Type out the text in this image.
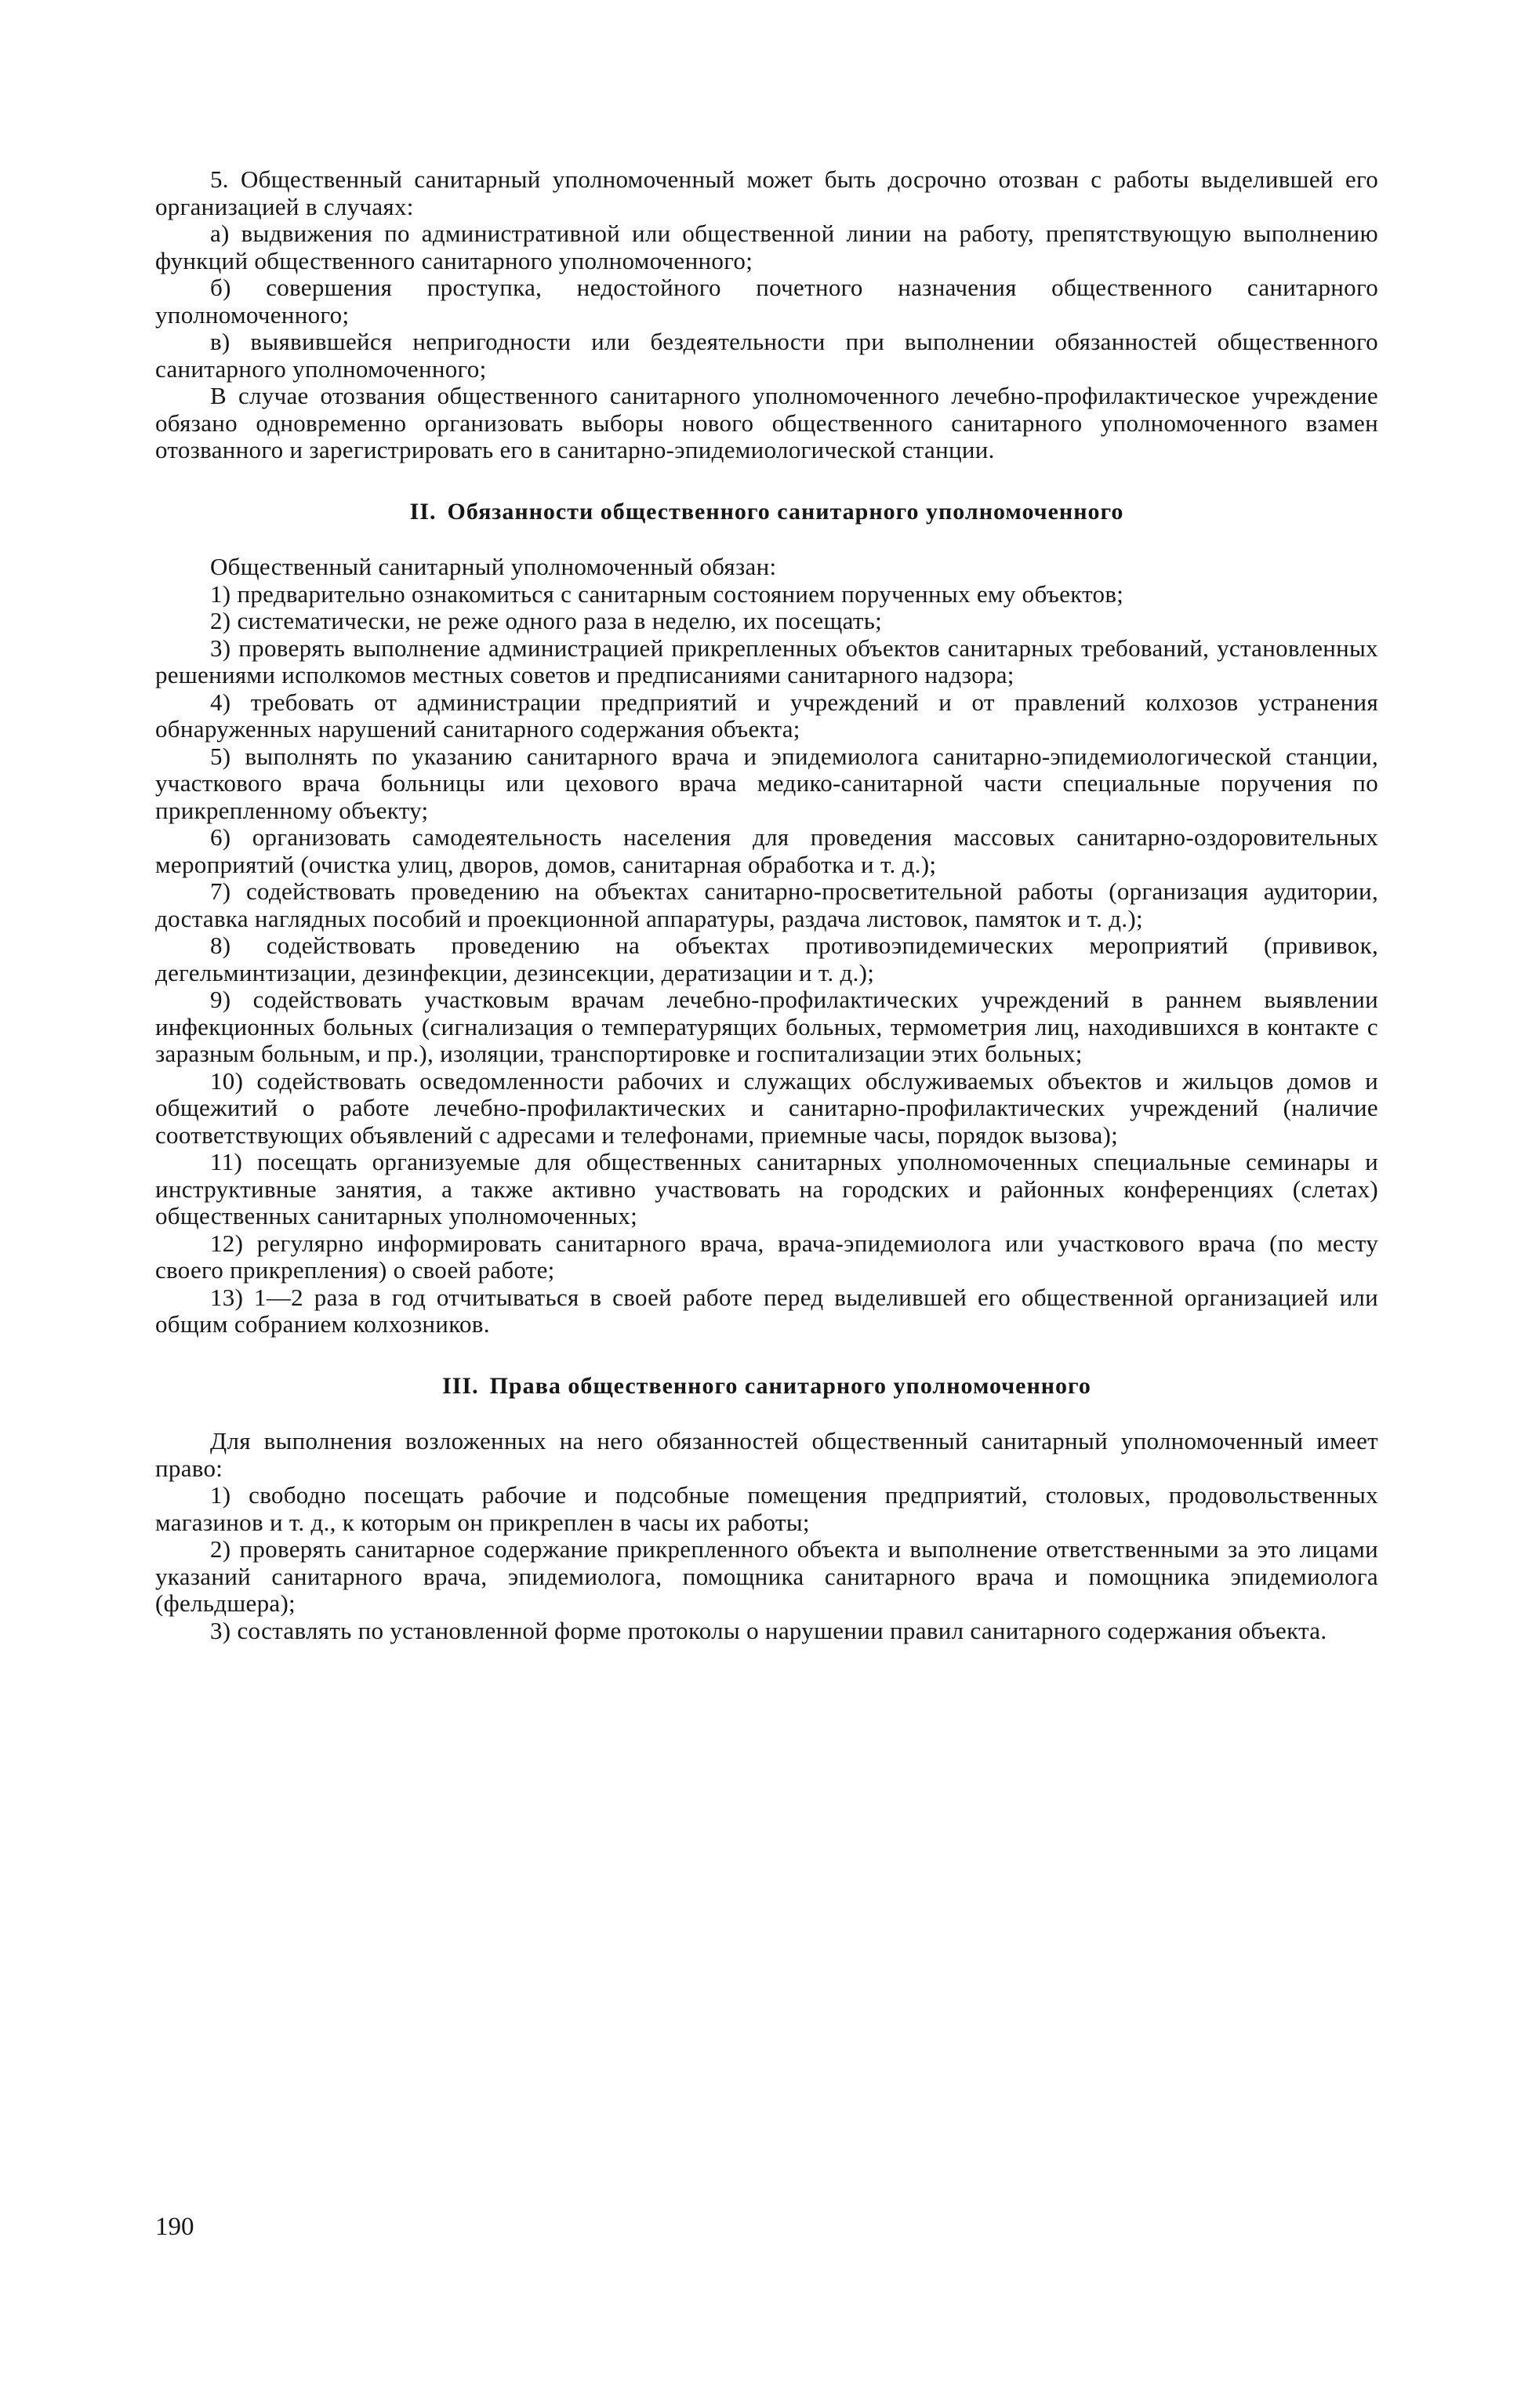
5. Общественный санитарный уполномоченный может быть досрочно отозван с работы выделившей его организацией в случаях:

а) выдвижения по административной или общественной линии на работу, препятствующую выполнению функций общественного санитарного уполномоченного;

б) совершения проступка, недостойного почетного назначения общественного санитарного уполномоченного;

в) выявившейся непригодности или бездеятельности при выполнении обязанностей общественного санитарного уполномоченного;

В случае отозвания общественного санитарного уполномоченного лечебно-профилактическое учреждение обязано одновременно организовать выборы нового общественного санитарного уполномоченного взамен отозванного и зарегистрировать его в санитарно-эпидемиологической станции.

II. Обязанности общественного санитарного уполномоченного

Общественный санитарный уполномоченный обязан:

1) предварительно ознакомиться с санитарным состоянием порученных ему объектов;

2) систематически, не реже одного раза в неделю, их посещать;

3) проверять выполнение администрацией прикрепленных объектов санитарных требований, установленных решениями исполкомов местных советов и предписаниями санитарного надзора;

4) требовать от администрации предприятий и учреждений и от правлений колхозов устранения обнаруженных нарушений санитарного содержания объекта;

5) выполнять по указанию санитарного врача и эпидемиолога санитарно-эпидемиологической станции, участкового врача больницы или цехового врача медико-санитарной части специальные поручения по прикрепленному объекту;

6) организовать самодеятельность населения для проведения массовых санитарно-оздоровительных мероприятий (очистка улиц, дворов, домов, санитарная обработка и т. д.);

7) содействовать проведению на объектах санитарно-просветительной работы (организация аудитории, доставка наглядных пособий и проекционной аппаратуры, раздача листовок, памяток и т. д.);

8) содействовать проведению на объектах противоэпидемических мероприятий (прививок, дегельминтизации, дезинфекции, дезинсекции, дератизации и т. д.);

9) содействовать участковым врачам лечебно-профилактических учреждений в раннем выявлении инфекционных больных (сигнализация о температурящих больных, термометрия лиц, находившихся в контакте с заразным больным, и пр.), изоляции, транспортировке и госпитализации этих больных;

10) содействовать осведомленности рабочих и служащих обслуживаемых объектов и жильцов домов и общежитий о работе лечебно-профилактических и санитарно-профилактических учреждений (наличие соответствующих объявлений с адресами и телефонами, приемные часы, порядок вызова);

11) посещать организуемые для общественных санитарных уполномоченных специальные семинары и инструктивные занятия, а также активно участвовать на городских и районных конференциях (слетах) общественных санитарных уполномоченных;

12) регулярно информировать санитарного врача, врача-эпидемиолога или участкового врача (по месту своего прикрепления) о своей работе;

13) 1—2 раза в год отчитываться в своей работе перед выделившей его общественной организацией или общим собранием колхозников.

III. Права общественного санитарного уполномоченного

Для выполнения возложенных на него обязанностей общественный санитарный уполномоченный имеет право:

1) свободно посещать рабочие и подсобные помещения предприятий, столовых, продовольственных магазинов и т. д., к которым он прикреплен в часы их работы;

2) проверять санитарное содержание прикрепленного объекта и выполнение ответственными за это лицами указаний санитарного врача, эпидемиолога, помощника санитарного врача и помощника эпидемиолога (фельдшера);

3) составлять по установленной форме протоколы о нарушении правил санитарного содержания объекта.

190
